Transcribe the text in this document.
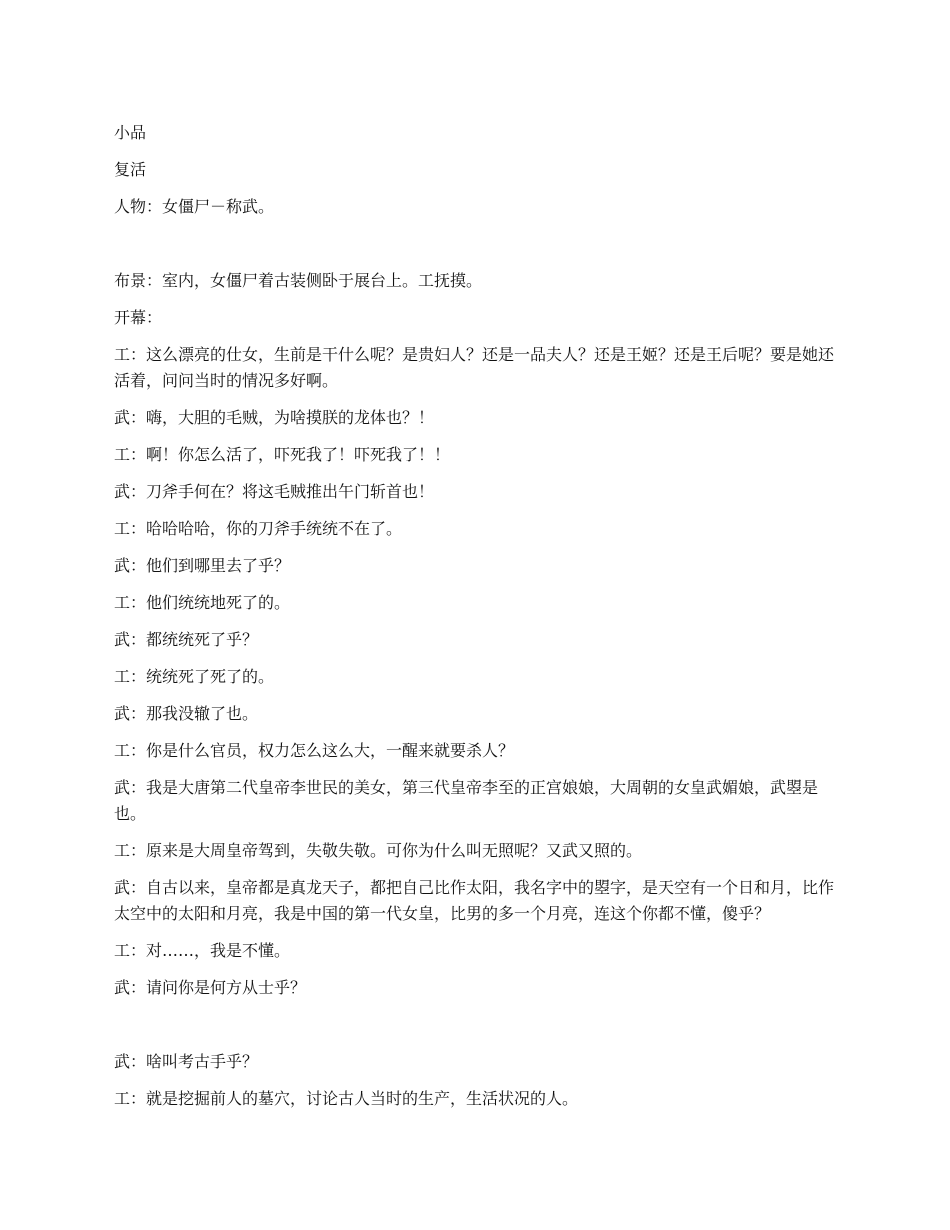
小品

复活

人物：女僵尸－称武。

布景：室内，女僵尸着古装侧卧于展台上。工抚摸。

开幕：

工：这么漂亮的仕女，生前是干什么呢？是贵妇人？还是一品夫人？还是王姬？还是王后呢？要是她还活着，问问当时的情况多好啊。

武：嗨，大胆的毛贼，为啥摸朕的龙体也？！

工：啊！你怎么活了，吓死我了！吓死我了！！

武：刀斧手何在？将这毛贼推出午门斩首也！

工：哈哈哈哈，你的刀斧手统统不在了。

武：他们到哪里去了乎？

工：他们统统地死了的。

武：都统统死了乎？

工：统统死了死了的。

武：那我没辙了也。

工：你是什么官员，权力怎么这么大，一醒来就要杀人？

武：我是大唐第二代皇帝李世民的美女，第三代皇帝李至的正宫娘娘，大周朝的女皇武媚娘，武曌是也。

工：原来是大周皇帝驾到，失敬失敬。可你为什么叫无照呢？又武又照的。

武：自古以来，皇帝都是真龙天子，都把自己比作太阳，我名字中的曌字，是天空有一个日和月，比作太空中的太阳和月亮，我是中国的第一代女皇，比男的多一个月亮，连这个你都不懂，傻乎？

工：对……，我是不懂。

武：请问你是何方从士乎？

武：啥叫考古手乎？

工：就是挖掘前人的墓穴，讨论古人当时的生产，生活状况的人。
